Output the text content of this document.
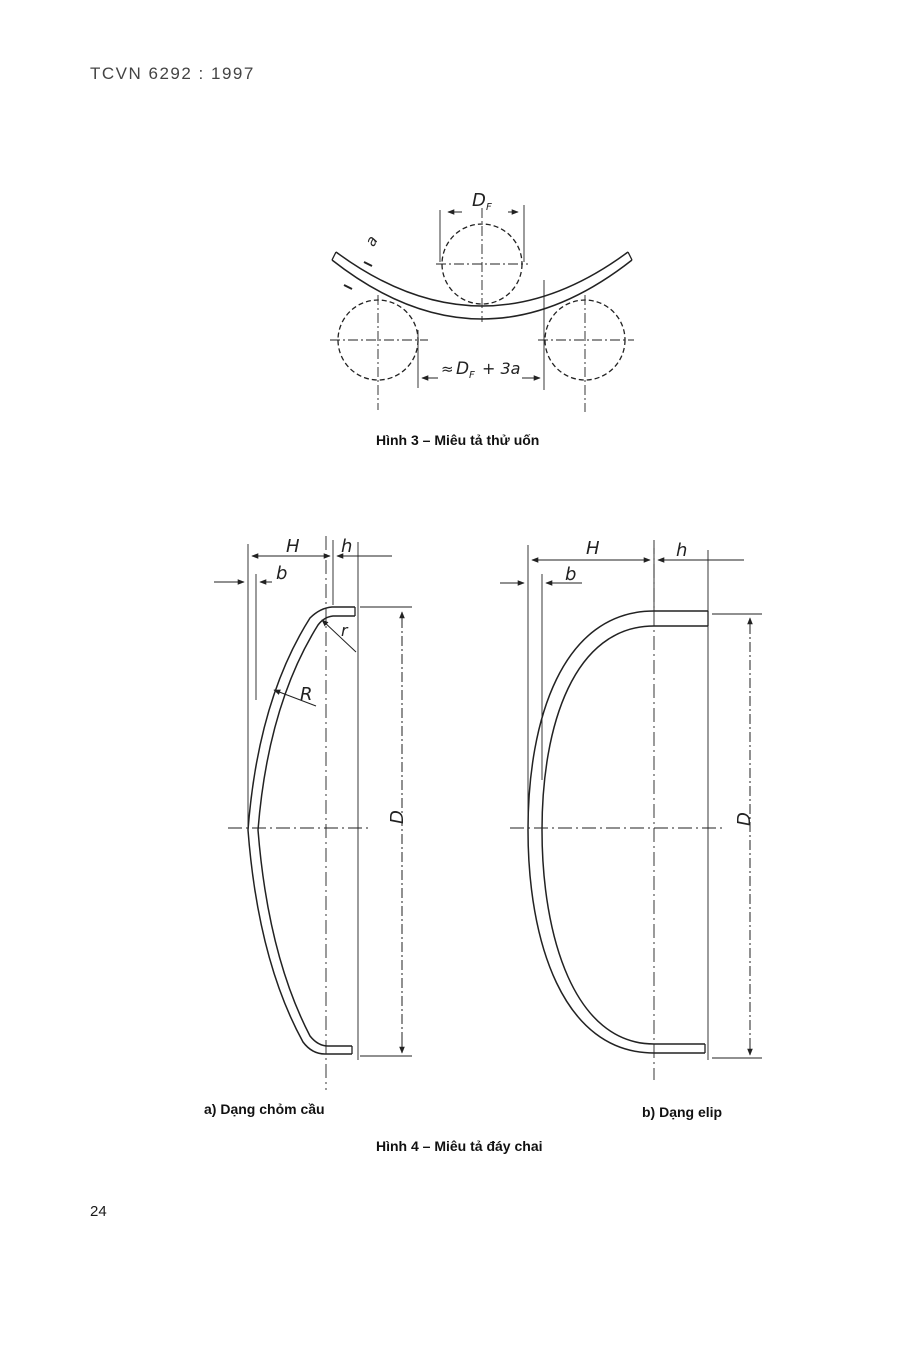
TCVN 6292 : 1997
D F
a
≈ D F + 3a
H h
b
R
r
D
H	h
b
D
Hình 3 – Miêu tả thử uốn
a) Dạng chỏm cầu	b) Dạng elip
Hình 4 – Miêu tả đáy chai
24
